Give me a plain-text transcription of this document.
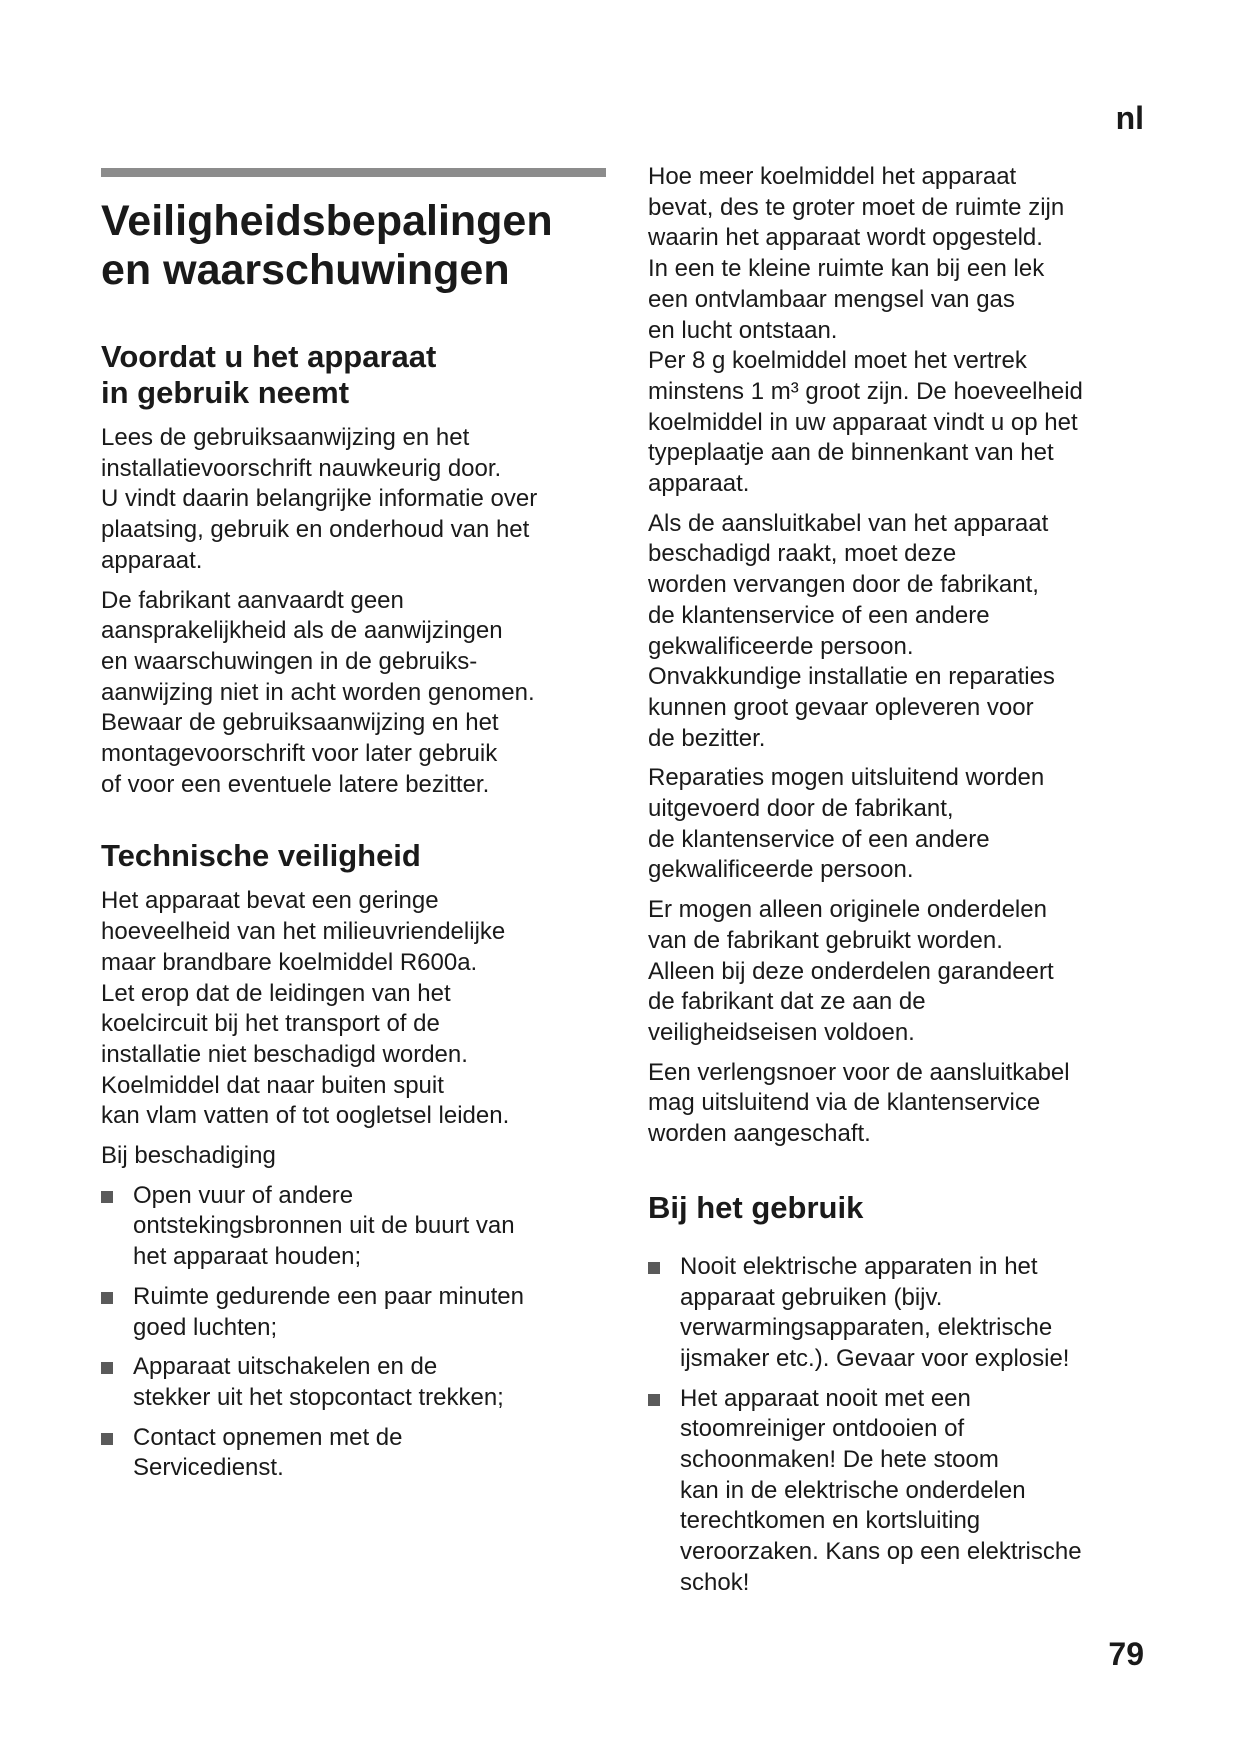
nl
Veiligheidsbepalingen
en waarschuwingen
Voordat u het apparaat
in gebruik neemt

Lees de gebruiksaanwijzing en het
installatievoorschrift nauwkeurig door.
U vindt daarin belangrijke informatie over
plaatsing, gebruik en onderhoud van het
apparaat.

De fabrikant aanvaardt geen
aansprakelijkheid als de aanwijzingen
en waarschuwingen in de gebruiks-
aanwijzing niet in acht worden genomen.
Bewaar de gebruiksaanwijzing en het
montagevoorschrift voor later gebruik
of voor een eventuele latere bezitter.

Technische veiligheid

Het apparaat bevat een geringe
hoeveelheid van het milieuvriendelijke
maar brandbare koelmiddel R600a.
Let erop dat de leidingen van het
koelcircuit bij het transport of de
installatie niet beschadigd worden.
Koelmiddel dat naar buiten spuit
kan vlam vatten of tot oogletsel leiden.

Bij beschadiging

Open vuur of andere
ontstekingsbronnen uit de buurt van
het apparaat houden;
Ruimte gedurende een paar minuten
goed luchten;
Apparaat uitschakelen en de
stekker uit het stopcontact trekken;
Contact opnemen met de
Servicedienst.

Hoe meer koelmiddel het apparaat
bevat, des te groter moet de ruimte zijn
waarin het apparaat wordt opgesteld.
In een te kleine ruimte kan bij een lek
een ontvlambaar mengsel van gas
en lucht ontstaan.
Per 8 g koelmiddel moet het vertrek
minstens 1 m³ groot zijn. De hoeveelheid
koelmiddel in uw apparaat vindt u op het
typeplaatje aan de binnenkant van het
apparaat.

Als de aansluitkabel van het apparaat
beschadigd raakt, moet deze
worden vervangen door de fabrikant,
de klantenservice of een andere
gekwalificeerde persoon.
Onvakkundige installatie en reparaties
kunnen groot gevaar opleveren voor
de bezitter.

Reparaties mogen uitsluitend worden
uitgevoerd door de fabrikant,
de klantenservice of een andere
gekwalificeerde persoon.

Er mogen alleen originele onderdelen
van de fabrikant gebruikt worden.
Alleen bij deze onderdelen garandeert
de fabrikant dat ze aan de
veiligheidseisen voldoen.

Een verlengsnoer voor de aansluitkabel
mag uitsluitend via de klantenservice
worden aangeschaft.

Bij het gebruik
Nooit elektrische apparaten in het
apparaat gebruiken (bijv.
verwarmingsapparaten, elektrische
ijsmaker etc.). Gevaar voor explosie!
Het apparaat nooit met een
stoomreiniger ontdooien of
schoonmaken! De hete stoom
kan in de elektrische onderdelen
terechtkomen en kortsluiting
veroorzaken. Kans op een elektrische
schok!
79
